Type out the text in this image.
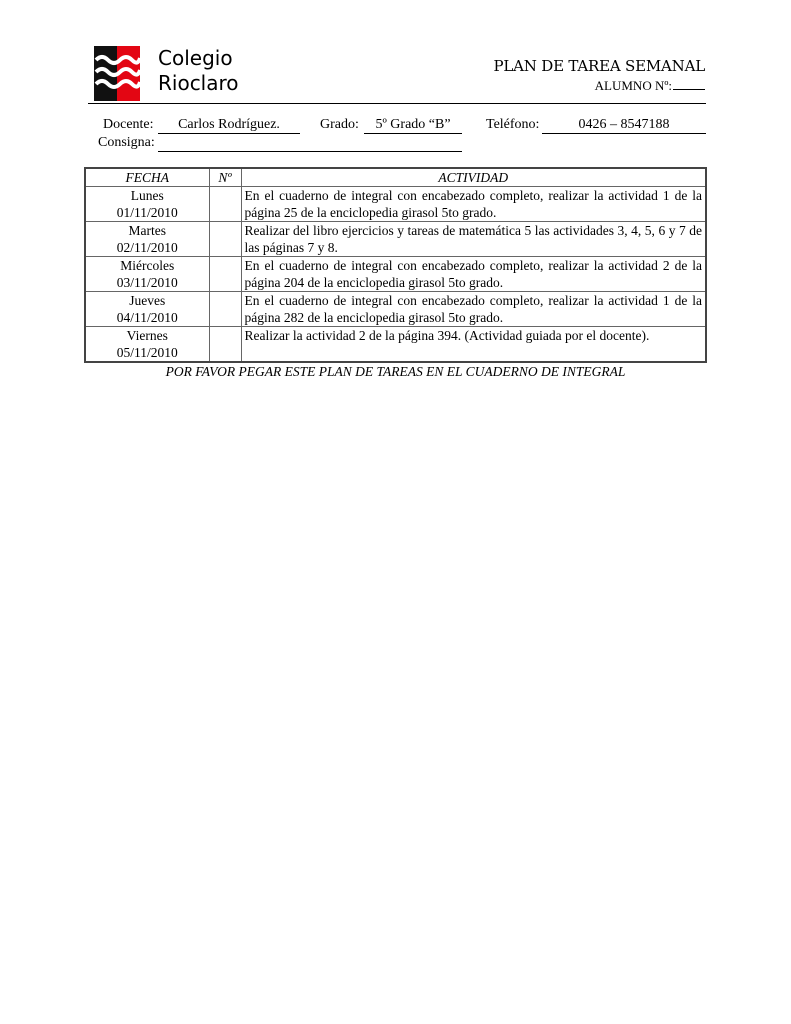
Colegio
Rioclaro
PLAN DE TAREA SEMANAL
ALUMNO Nº:
Docente:	Carlos Rodríguez.	Grado:	5º Grado “B”	Teléfono:	0426 – 8547188
Consigna:
FECHA	Nº	ACTIVIDAD

Lunes
01/11/2010		En el cuaderno de integral con encabezado completo, realizar la actividad 1 de la página 25 de la enciclopedia girasol 5to grado.

Martes
02/11/2010		Realizar del libro ejercicios y tareas de matemática 5 las actividades 3, 4, 5, 6 y 7 de las páginas 7 y 8.

Miércoles
03/11/2010		En el cuaderno de integral con encabezado completo, realizar la actividad 2 de la página 204 de la enciclopedia girasol 5to grado.

Jueves
04/11/2010		En el cuaderno de integral con encabezado completo, realizar la actividad 1 de la página 282 de la enciclopedia girasol 5to grado.

Viernes
05/11/2010		Realizar la actividad 2 de la página 394. (Actividad guiada por el docente).
POR FAVOR PEGAR ESTE PLAN DE TAREAS EN EL CUADERNO DE INTEGRAL
